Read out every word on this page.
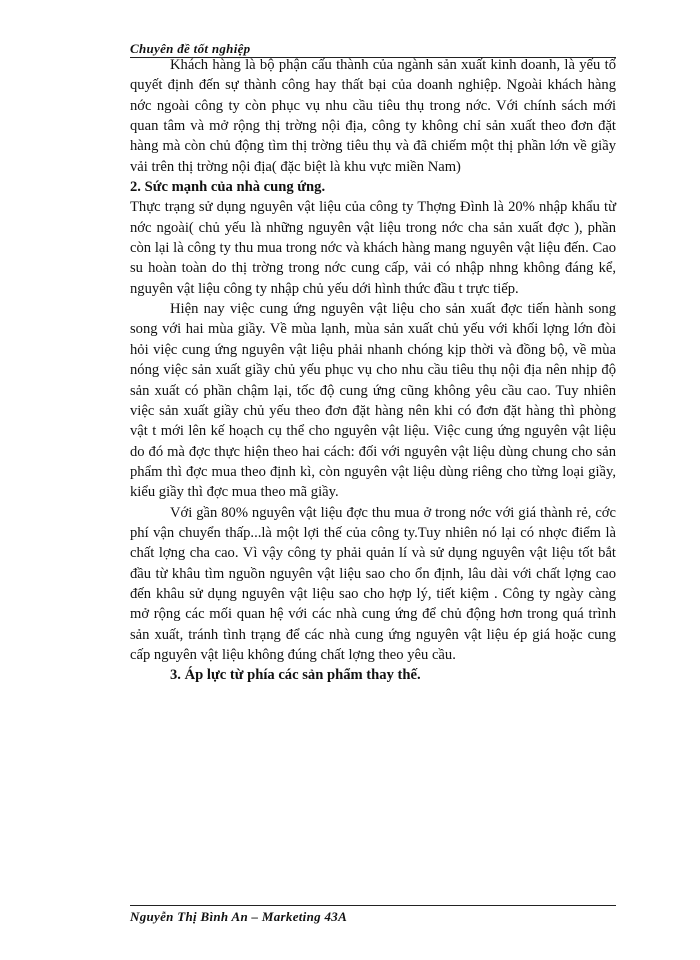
Chuyên đề tốt nghiệp

Khách hàng là bộ phận cấu thành của ngành sản xuất kinh doanh, là yếu tố quyết định đến sự thành công hay thất bại của doanh nghiệp. Ngoài khách hàng nớc ngoài công ty còn phục vụ nhu cầu tiêu thụ trong nớc. Với chính sách mới quan tâm và mở rộng thị trờng nội địa, công ty không chỉ sản xuất theo đơn đặt hàng mà còn chủ động tìm thị trờng tiêu thụ và đã chiếm một thị phần lớn về giầy vải trên thị trờng nội địa( đặc biệt là khu vực miền Nam)

2. Sức mạnh của nhà cung ứng.

Thực trạng sử dụng nguyên vật liệu của công ty Thợng Đình là 20% nhập khẩu từ nớc ngoài( chủ yếu là những nguyên vật liệu trong nớc cha sản xuất đợc ), phần còn lại là công ty thu mua trong nớc và khách hàng mang nguyên vật liệu đến. Cao su hoàn toàn do thị trờng trong nớc cung cấp, vải có nhập nhng không đáng kể, nguyên vật liệu công ty nhập chủ yếu dới hình thức đầu t trực tiếp.

Hiện nay việc cung ứng nguyên vật liệu cho sản xuất đợc tiến hành song song với hai mùa giầy. Về mùa lạnh, mùa sản xuất chủ yếu với khối lợng lớn đòi hỏi việc cung ứng nguyên vật liệu phải nhanh chóng kịp thời và đồng bộ, về mùa nóng việc sản xuất giầy chủ yếu phục vụ cho nhu cầu tiêu thụ nội địa nên nhịp độ sản xuất có phần chậm lại, tốc độ cung ứng cũng không yêu cầu cao. Tuy nhiên việc sản xuất giầy chủ yếu theo đơn đặt hàng nên khi có đơn đặt hàng thì phòng vật t mới lên kế hoạch cụ thể cho nguyên vật liệu. Việc cung ứng nguyên vật liệu do đó mà đợc thực hiện theo hai cách: đối với nguyên vật liệu dùng chung cho sản phẩm thì đợc mua theo định kì, còn nguyên vật liệu dùng riêng cho từng loại giầy, kiểu giầy thì đợc mua theo mã giầy.

Với gần 80% nguyên vật liệu đợc thu mua ở trong nớc với giá thành rẻ, cớc phí vận chuyển thấp...là một lợi thế của công ty.Tuy nhiên nó lại có nhợc điểm là chất lợng cha cao. Vì vậy công ty phải quản lí và sử dụng nguyên vật liệu tốt bắt đầu từ khâu tìm nguồn nguyên vật liệu sao cho ổn định, lâu dài với chất lợng cao đến khâu sử dụng nguyên vật liệu sao cho hợp lý, tiết kiệm . Công ty ngày càng mở rộng các mối quan hệ với các nhà cung ứng để chủ động hơn trong quá trình sản xuất, tránh tình trạng để các nhà cung ứng nguyên vật liệu ép giá hoặc cung cấp nguyên vật liệu không đúng chất lợng theo yêu cầu.

3. Áp lực từ phía các sản phẩm thay thế.

Nguyễn Thị Bình An – Marketing 43A
